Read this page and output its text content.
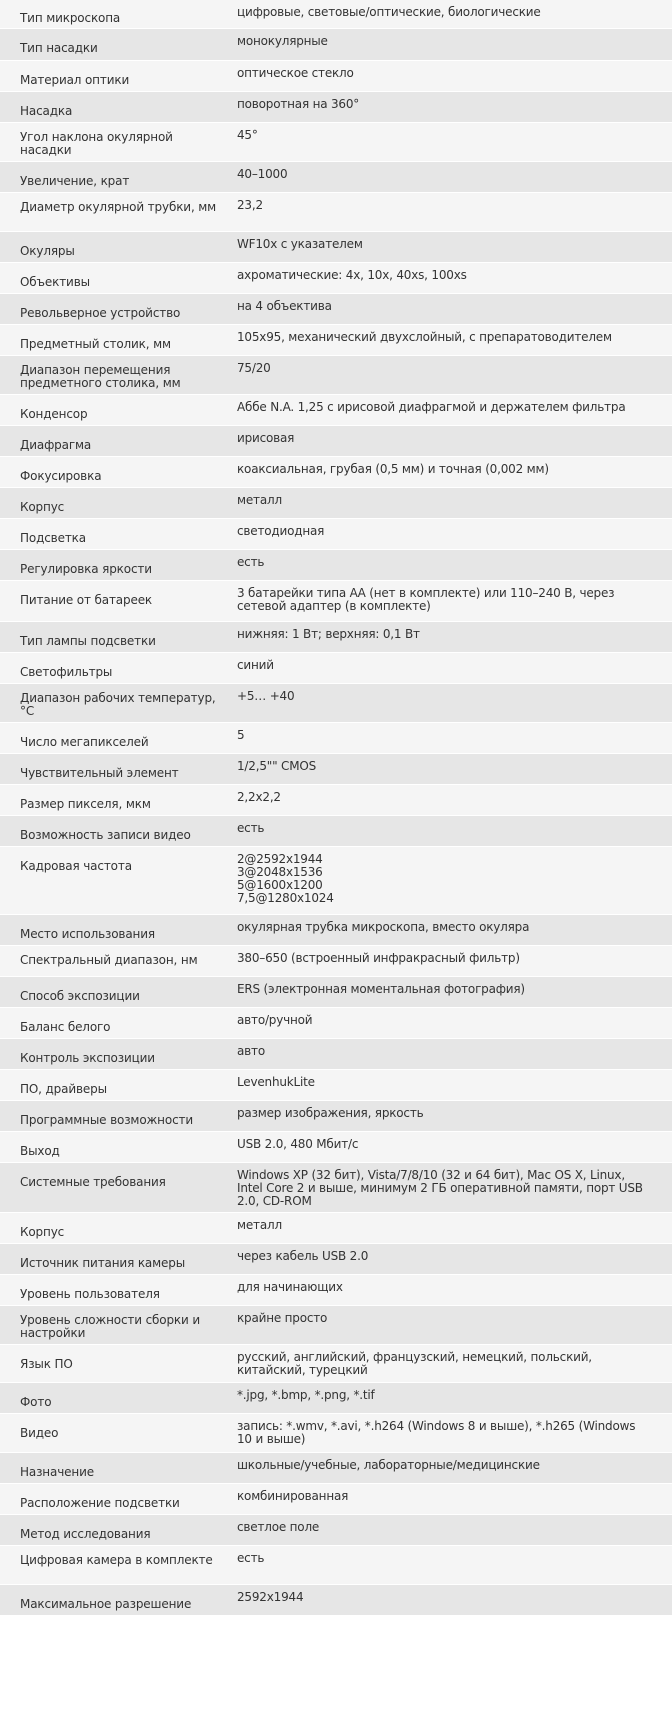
Тип микроскопа	цифровые, световые/оптические, биологические
Тип насадки	монокулярные
Материал оптики	оптическое стекло
Насадка	поворотная на 360°
Угол наклона окулярной насадки	45°
Увеличение, крат	40–1000
Диаметр окулярной трубки, мм	23,2
Окуляры	WF10x с указателем
Объективы	ахроматические: 4x, 10x, 40xs, 100xs
Револьверное устройство	на 4 объектива
Предметный столик, мм	105x95, механический двухслойный, с препаратоводителем
Диапазон перемещения предметного столика, мм	75/20
Конденсор	Аббе N.A. 1,25 с ирисовой диафрагмой и держателем фильтра
Диафрагма	ирисовая
Фокусировка	коаксиальная, грубая (0,5 мм) и точная (0,002 мм)
Корпус	металл
Подсветка	светодиодная
Регулировка яркости	есть
Питание от батареек	3 батарейки типа АА (нет в комплекте) или 110–240 В, через сетевой адаптер (в комплекте)
Тип лампы подсветки	нижняя: 1 Вт; верхняя: 0,1 Вт
Светофильтры	синий
Диапазон рабочих температур, °C	+5… +40
Число мегапикселей	5
Чувствительный элемент	1/2,5"" CMOS
Размер пикселя, мкм	2,2x2,2
Возможность записи видео	есть
Кадровая частота	2@2592x1944
3@2048x1536
5@1600x1200
7,5@1280x1024

Место использования	окулярная трубка микроскопа, вместо окуляра
Спектральный диапазон, нм	380–650 (встроенный инфракрасный фильтр)
Способ экспозиции	ERS (электронная моментальная фотография)
Баланс белого	авто/ручной
Контроль экспозиции	авто
ПО, драйверы	LevenhukLite
Программные возможности	размер изображения, яркость
Выход	USB 2.0, 480 Мбит/с
Системные требования	Windows XP (32 бит), Vista/7/8/10 (32 и 64 бит), Mac OS X, Linux, Intel Core 2 и выше, минимум 2 ГБ оперативной памяти, порт USB 2.0, CD-ROM
Корпус	металл
Источник питания камеры	через кабель USB 2.0
Уровень пользователя	для начинающих
Уровень сложности сборки и настройки	крайне просто
Язык ПО	русский, английский, французский, немецкий, польский, китайский, турецкий
Фото	*.jpg, *.bmp, *.png, *.tif
Видео	запись: *.wmv, *.avi, *.h264 (Windows 8 и выше), *.h265 (Windows 10 и выше)
Назначение	школьные/учебные, лабораторные/медицинские
Расположение подсветки	комбинированная
Метод исследования	светлое поле
Цифровая камера в комплекте	есть
Максимальное разрешение	2592x1944
